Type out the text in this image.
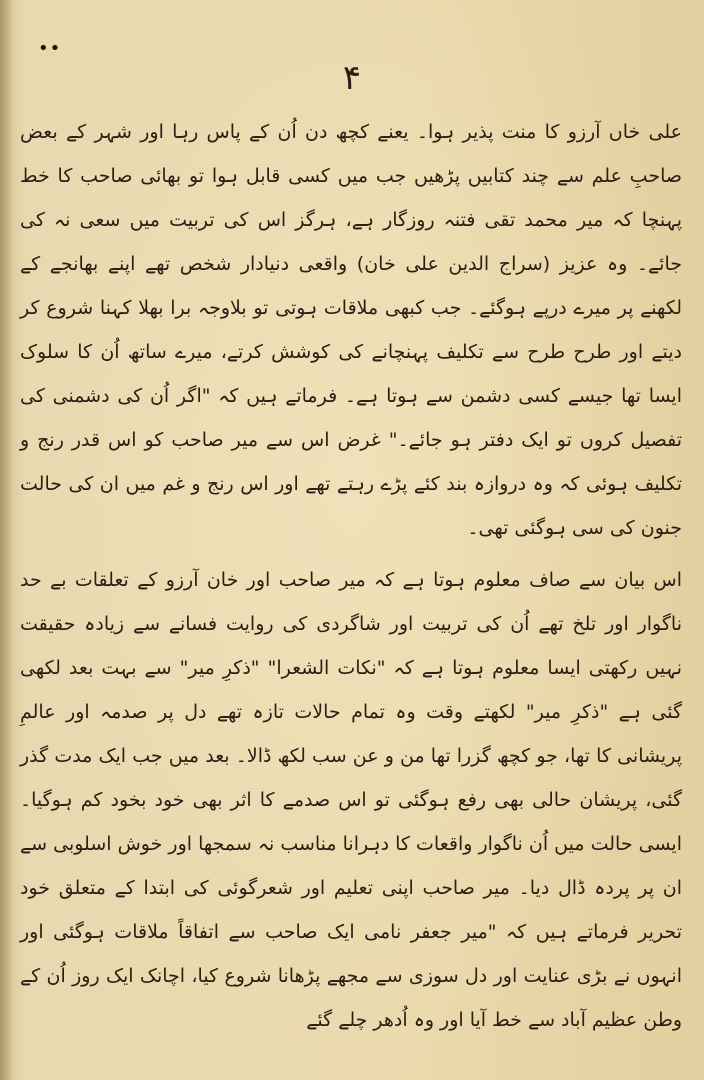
••
۴

علی خاں آرزو کا منت پذیر ہوا۔ یعنے کچھ دن اُن کے پاس رہا اور شہر کے بعض صاحبِ علم سے چند کتابیں پڑھیں جب میں کسی قابل ہوا تو بھائی صاحب کا خط پہنچا کہ میر محمد تقی فتنہ روزگار ہے، ہرگز اس کی تربیت میں سعی نہ کی جائے۔ وہ عزیز (سراج الدین علی خان) واقعی دنیادار شخص تھے اپنے بھانجے کے لکھنے پر میرے درپے ہوگئے۔ جب کبھی ملاقات ہوتی تو بلاوجہ برا بھلا کہنا شروع کر دیتے اور طرح طرح سے تکلیف پہنچانے کی کوشش کرتے، میرے ساتھ اُن کا سلوک ایسا تھا جیسے کسی دشمن سے ہوتا ہے۔ فرماتے ہیں کہ "اگر اُن کی دشمنی کی تفصیل کروں تو ایک دفتر ہو جائے۔" غرض اس سے میر صاحب کو اس قدر رنج و تکلیف ہوئی کہ وہ دروازہ بند کئے پڑے رہتے تھے اور اس رنج و غم میں ان کی حالت جنون کی سی ہوگئی تھی۔

اس بیان سے صاف معلوم ہوتا ہے کہ میر صاحب اور خان آرزو کے تعلقات بے حد ناگوار اور تلخ تھے اُن کی تربیت اور شاگردی کی روایت فسانے سے زیادہ حقیقت نہیں رکھتی ایسا معلوم ہوتا ہے کہ "نکات الشعرا" "ذکرِ میر" سے بہت بعد لکھی گئی ہے "ذکرِ میر" لکھتے وقت وہ تمام حالات تازہ تھے دل پر صدمہ اور عالمِ پریشانی کا تھا، جو کچھ گزرا تھا من و عن سب لکھ ڈالا۔ بعد میں جب ایک مدت گذر گئی، پریشان حالی بھی رفع ہوگئی تو اس صدمے کا اثر بھی خود بخود کم ہوگیا۔ ایسی حالت میں اُن ناگوار واقعات کا دہرانا مناسب نہ سمجھا اور خوش اسلوبی سے ان پر پردہ ڈال دیا۔ میر صاحب اپنی تعلیم اور شعرگوئی کی ابتدا کے متعلق خود تحریر فرماتے ہیں کہ "میر جعفر نامی ایک صاحب سے اتفاقاً ملاقات ہوگئی اور انہوں نے بڑی عنایت اور دل سوزی سے مجھے پڑھانا شروع کیا، اچانک ایک روز اُن کے وطن عظیم آباد سے خط آیا اور وہ اُدھر چلے گئے
